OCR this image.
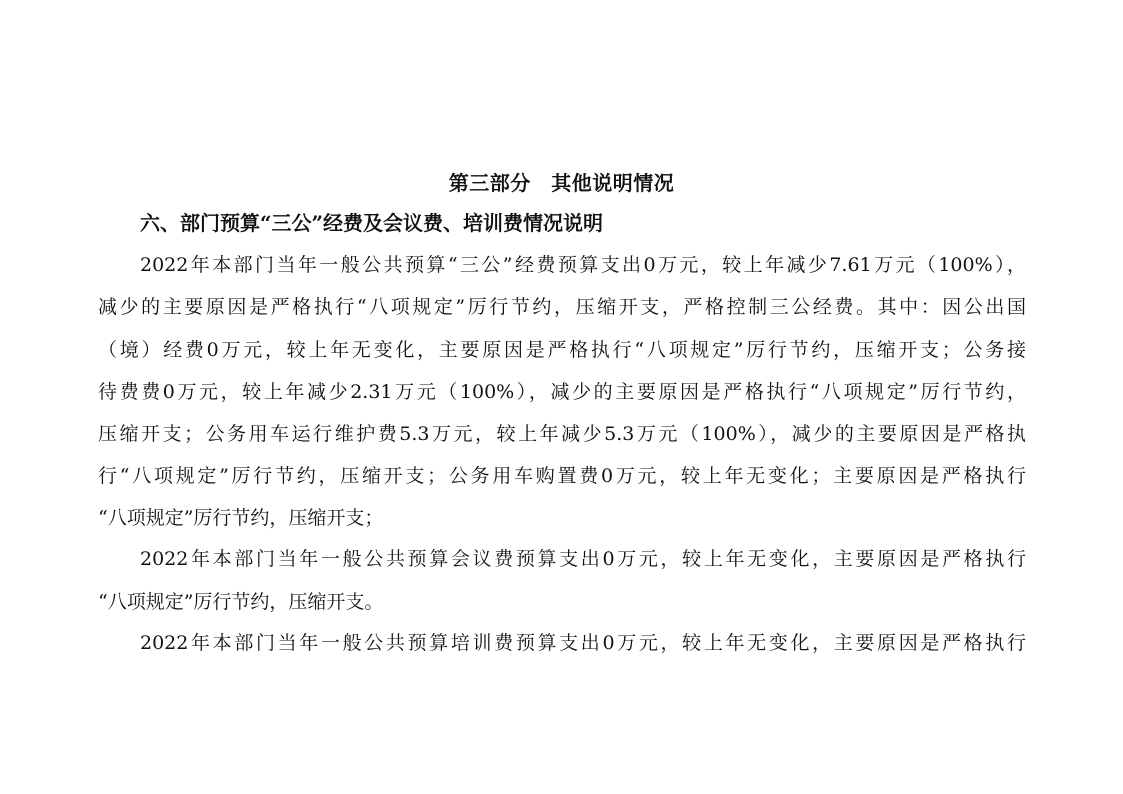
第三部分　其他说明情况
六、部门预算“三公”经费及会议费、培训费情况说明
2022年本部门当年一般公共预算“三公”经费预算支出0万元，较上年减少7.61万元（100%），
减少的主要原因是严格执行“八项规定”厉行节约，压缩开支，严格控制三公经费。其中：因公出国
（境）经费0万元，较上年无变化，主要原因是严格执行“八项规定”厉行节约，压缩开支；公务接
待费费0万元，较上年减少2.31万元（100%），减少的主要原因是严格执行“八项规定”厉行节约，
压缩开支；公务用车运行维护费5.3万元，较上年减少5.3万元（100%），减少的主要原因是严格执
行“八项规定”厉行节约，压缩开支；公务用车购置费0万元，较上年无变化；主要原因是严格执行
“八项规定”厉行节约，压缩开支；
2022年本部门当年一般公共预算会议费预算支出0万元，较上年无变化，主要原因是严格执行
“八项规定”厉行节约，压缩开支。
2022年本部门当年一般公共预算培训费预算支出0万元，较上年无变化，主要原因是严格执行
